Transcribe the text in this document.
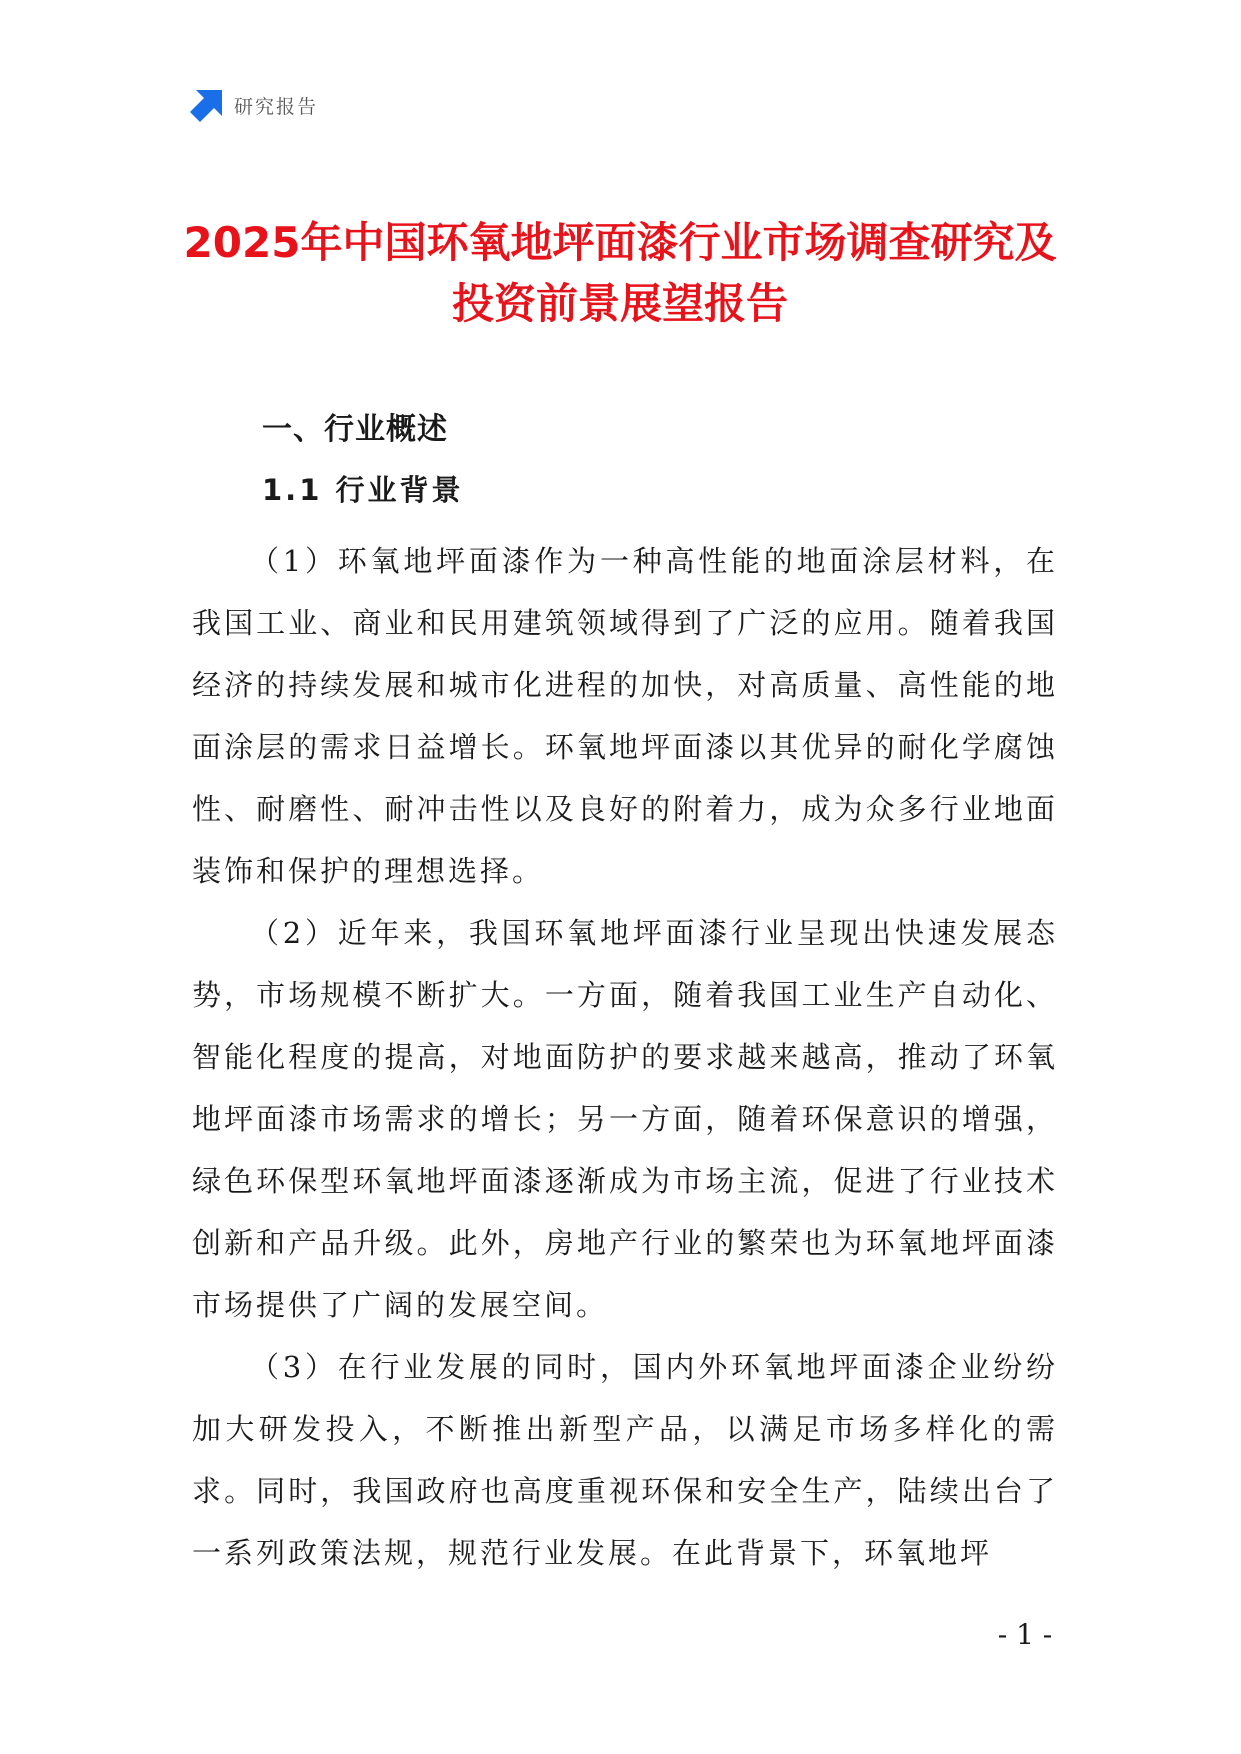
研究报告
2025年中国环氧地坪面漆行业市场调查研究及投资前景展望报告
一、行业概述
1.1 行业背景

（1）环氧地坪面漆作为一种高性能的地面涂层材料，在我国工业、商业和民用建筑领域得到了广泛的应用。随着我国经济的持续发展和城市化进程的加快，对高质量、高性能的地面涂层的需求日益增长。环氧地坪面漆以其优异的耐化学腐蚀性、耐磨性、耐冲击性以及良好的附着力，成为众多行业地面装饰和保护的理想选择。

（2）近年来，我国环氧地坪面漆行业呈现出快速发展态势，市场规模不断扩大。一方面，随着我国工业生产自动化、智能化程度的提高，对地面防护的要求越来越高，推动了环氧地坪面漆市场需求的增长；另一方面，随着环保意识的增强，绿色环保型环氧地坪面漆逐渐成为市场主流，促进了行业技术创新和产品升级。此外，房地产行业的繁荣也为环氧地坪面漆市场提供了广阔的发展空间。

（3）在行业发展的同时，国内外环氧地坪面漆企业纷纷加大研发投入，不断推出新型产品，以满足市场多样化的需求。同时，我国政府也高度重视环保和安全生产，陆续出台了一系列政策法规，规范行业发展。在此背景下，环氧地坪

- 1 -
